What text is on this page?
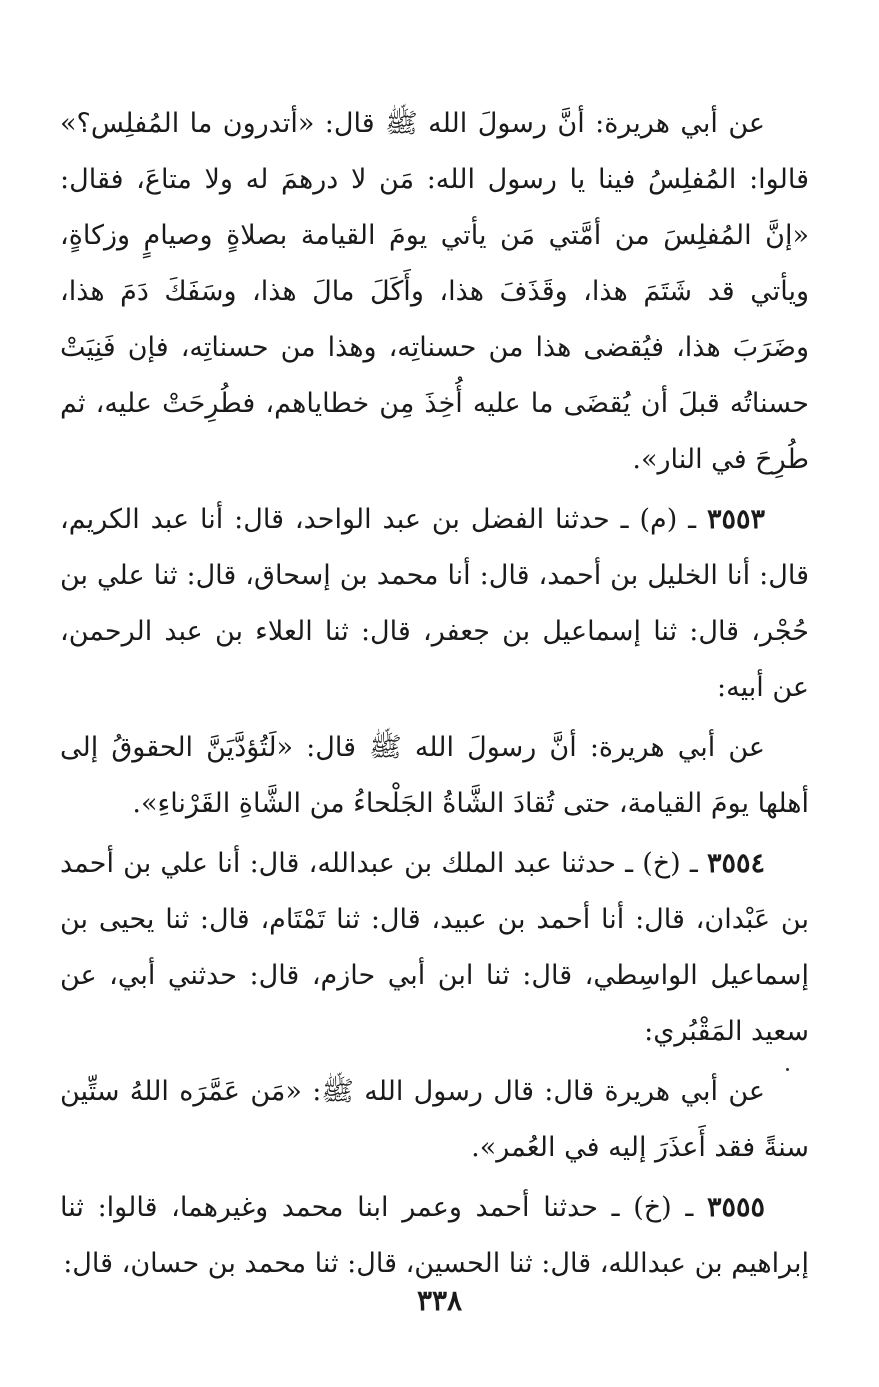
عن أبي هريرة: أنَّ رسولَ الله ﷺ قال: «أتدرون ما المُفلِس؟» قالوا: المُفلِسُ فينا يا رسول الله: مَن لا درهمَ له ولا متاعَ، فقال: «إنَّ المُفلِسَ من أمَّتي مَن يأتي يومَ القيامة بصلاةٍ وصيامٍ وزكاةٍ، ويأتي قد شَتَمَ هذا، وقَذَفَ هذا، وأَكَلَ مالَ هذا، وسَفَكَ دَمَ هذا، وضَرَبَ هذا، فيُقضى هذا من حسناتِه، وهذا من حسناتِه، فإن فَنِيَتْ حسناتُه قبلَ أن يُقضَى ما عليه أُخِذَ مِن خطاياهم، فطُرِحَتْ عليه، ثم طُرِحَ في النار».

٣٥٥٣ ـ (م) ـ حدثنا الفضل بن عبد الواحد، قال: أنا عبد الكريم، قال: أنا الخليل بن أحمد، قال: أنا محمد بن إسحاق، قال: ثنا علي بن حُجْر، قال: ثنا إسماعيل بن جعفر، قال: ثنا العلاء بن عبد الرحمن، عن أبيه:

عن أبي هريرة: أنَّ رسولَ الله ﷺ قال: «لَتُؤدَّيَنَّ الحقوقُ إلى أهلها يومَ القيامة، حتى تُقادَ الشَّاةُ الجَلْحاءُ من الشَّاةِ القَرْناءِ».

٣٥٥٤ ـ (خ) ـ حدثنا عبد الملك بن عبدالله، قال: أنا علي بن أحمد بن عَبْدان، قال: أنا أحمد بن عبيد، قال: ثنا تَمْتَام، قال: ثنا يحيى بن إسماعيل الواسِطي، قال: ثنا ابن أبي حازم، قال: حدثني أبي، عن سعيد المَقْبُري:

عن أبي هريرة قال: قال رسول الله ﷺ: «مَن عَمَّرَه اللهُ ستِّين سنةً فقد أَعذَرَ إليه في العُمر».

٣٥٥٥ ـ (خ) ـ حدثنا أحمد وعمر ابنا محمد وغيرهما، قالوا: ثنا إبراهيم بن عبدالله، قال: ثنا الحسين، قال: ثنا محمد بن حسان، قال:

٣٣٨
